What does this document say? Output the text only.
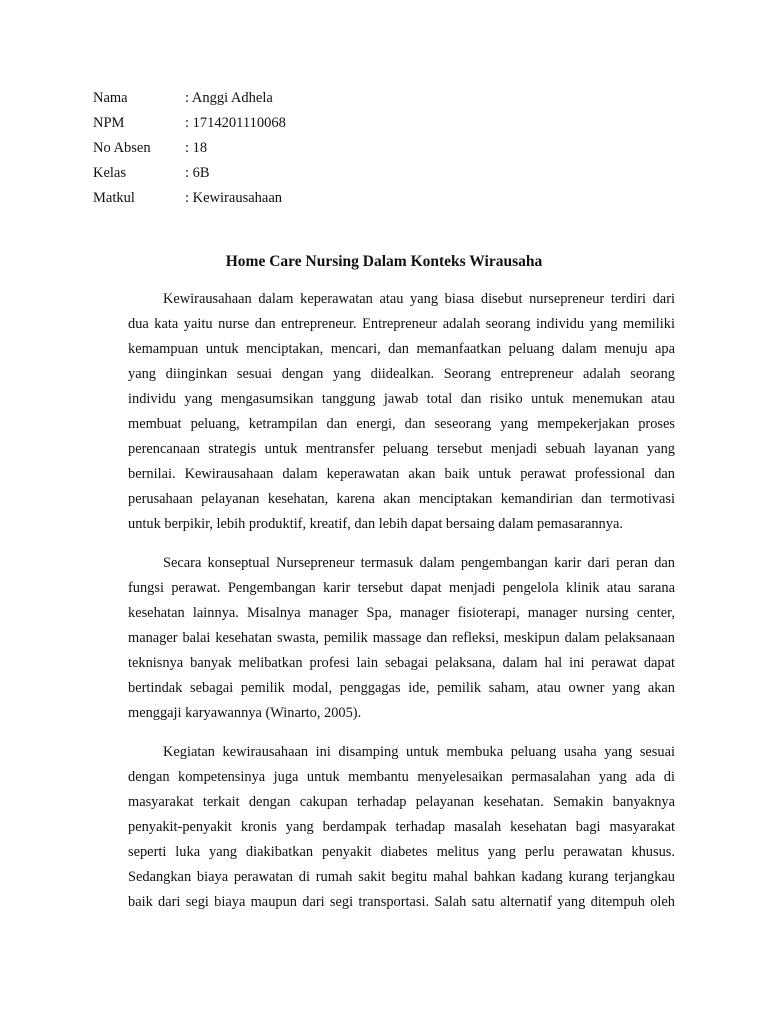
Nama	: Anggi Adhela
NPM	: 1714201110068
No Absen	: 18
Kelas	: 6B
Matkul	: Kewirausahaan
Home Care Nursing Dalam Konteks Wirausaha
Kewirausahaan dalam keperawatan atau yang biasa disebut nursepreneur terdiri dari
dua kata yaitu nurse dan entrepreneur. Entrepreneur adalah seorang individu yang memiliki
kemampuan untuk menciptakan, mencari, dan memanfaatkan peluang dalam menuju apa
yang diinginkan sesuai dengan yang diidealkan. Seorang entrepreneur adalah seorang
individu yang mengasumsikan tanggung jawab total dan risiko untuk menemukan atau
membuat peluang, ketrampilan dan energi, dan seseorang yang mempekerjakan proses
perencanaan strategis untuk mentransfer peluang tersebut menjadi sebuah layanan yang
bernilai. Kewirausahaan dalam keperawatan akan baik untuk perawat professional dan
perusahaan pelayanan kesehatan, karena akan menciptakan kemandirian dan termotivasi
untuk berpikir, lebih produktif, kreatif, dan lebih dapat bersaing dalam pemasarannya.
Secara konseptual Nursepreneur termasuk dalam pengembangan karir dari peran dan
fungsi perawat. Pengembangan karir tersebut dapat menjadi pengelola klinik atau sarana
kesehatan lainnya. Misalnya manager Spa, manager fisioterapi, manager nursing center,
manager balai kesehatan swasta, pemilik massage dan refleksi, meskipun dalam pelaksanaan
teknisnya banyak melibatkan profesi lain sebagai pelaksana, dalam hal ini perawat dapat
bertindak sebagai pemilik modal, penggagas ide, pemilik saham, atau owner yang akan
menggaji karyawannya (Winarto, 2005).
Kegiatan kewirausahaan ini disamping untuk membuka peluang usaha yang sesuai
dengan kompetensinya juga untuk membantu menyelesaikan permasalahan yang ada di
masyarakat terkait dengan cakupan terhadap pelayanan kesehatan. Semakin banyaknya
penyakit-penyakit kronis yang berdampak terhadap masalah kesehatan bagi masyarakat
seperti luka yang diakibatkan penyakit diabetes melitus yang perlu perawatan khusus.
Sedangkan biaya perawatan di rumah sakit begitu mahal bahkan kadang kurang terjangkau
baik dari segi biaya maupun dari segi transportasi. Salah satu alternatif yang ditempuh oleh
